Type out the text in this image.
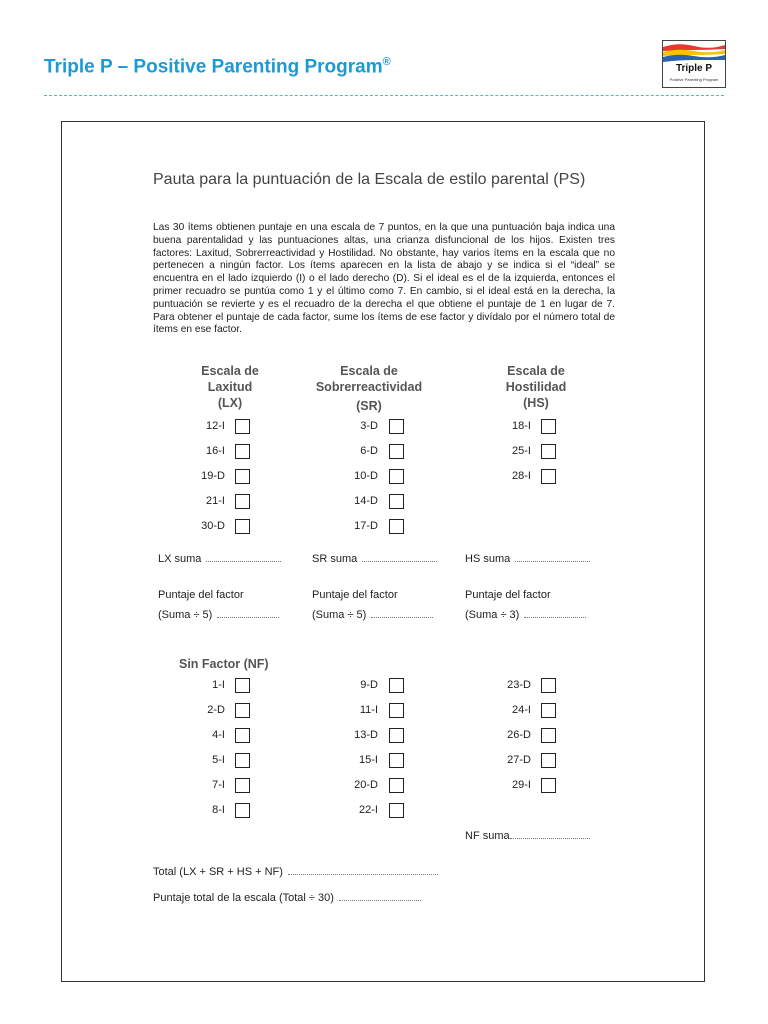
Triple P – Positive Parenting Program®
Triple P
Positive Parenting Program
Pauta para la puntuación de la Escala de estilo parental (PS)
Las 30 ítems obtienen puntaje en una escala de 7 puntos, en la que una puntuación baja indica una buena parentalidad y las puntuaciones altas, una crianza disfuncional de los hijos. Existen tres factores: Laxitud, Sobrerreactividad y Hostilidad. No obstante, hay varios ítems en la escala que no pertenecen a ningún factor. Los ítems aparecen en la lista de abajo y se indica si el “ideal” se encuentra en el lado izquierdo (I) o el lado derecho (D). Si el ideal es el de la izquierda, entonces el primer recuadro se puntúa como 1 y el último como 7. En cambio, si el ideal está en la derecha, la puntuación se revierte y es el recuadro de la derecha el que obtiene el puntaje de 1 en lugar de 7. Para obtener el puntaje de cada factor, sume los ítems de ese factor y divídalo por el número total de ítems en ese factor.
Escala de
Laxitud
(LX)
12-I
16-I
19-D
21-I
30-D
LX suma
Puntaje del factor
(Suma ÷ 5)
Escala de
Sobrerreactividad
(SR)
3-D
6-D
10-D
14-D
17-D
SR suma
Puntaje del factor
(Suma ÷ 5)
Escala de
Hostilidad
(HS)
18-I
25-I
28-I
HS suma
Puntaje del factor
(Suma ÷ 3)
Sin Factor (NF)
1-I
2-D
4-I
5-I
7-I
8-I
9-D
11-I
13-D
15-I
20-D
22-I
23-D
24-I
26-D
27-D
29-I
NF suma
Total (LX + SR + HS + NF)
Puntaje total de la escala (Total ÷ 30)
